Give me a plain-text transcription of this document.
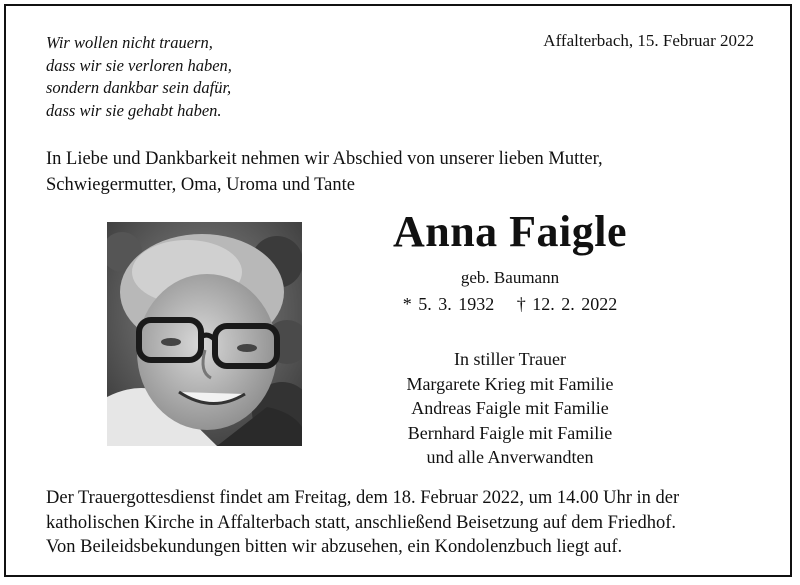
Wir wollen nicht trauern,
dass wir sie verloren haben,
sondern dankbar sein dafür,
dass wir sie gehabt haben.
Affalterbach, 15. Februar 2022
In Liebe und Dankbarkeit nehmen wir Abschied von unserer lieben Mutter,
Schwiegermutter, Oma, Uroma und Tante
Anna Faigle
geb. Baumann
* 5. 3. 1932 † 12. 2. 2022
In stiller Trauer
Margarete Krieg mit Familie
Andreas Faigle mit Familie
Bernhard Faigle mit Familie
und alle Anverwandten
Der Trauergottesdienst findet am Freitag, dem 18. Februar 2022, um 14.00 Uhr in der
katholischen Kirche in Affalterbach statt, anschließend Beisetzung auf dem Friedhof.
Von Beileidsbekundungen bitten wir abzusehen, ein Kondolenzbuch liegt auf.
